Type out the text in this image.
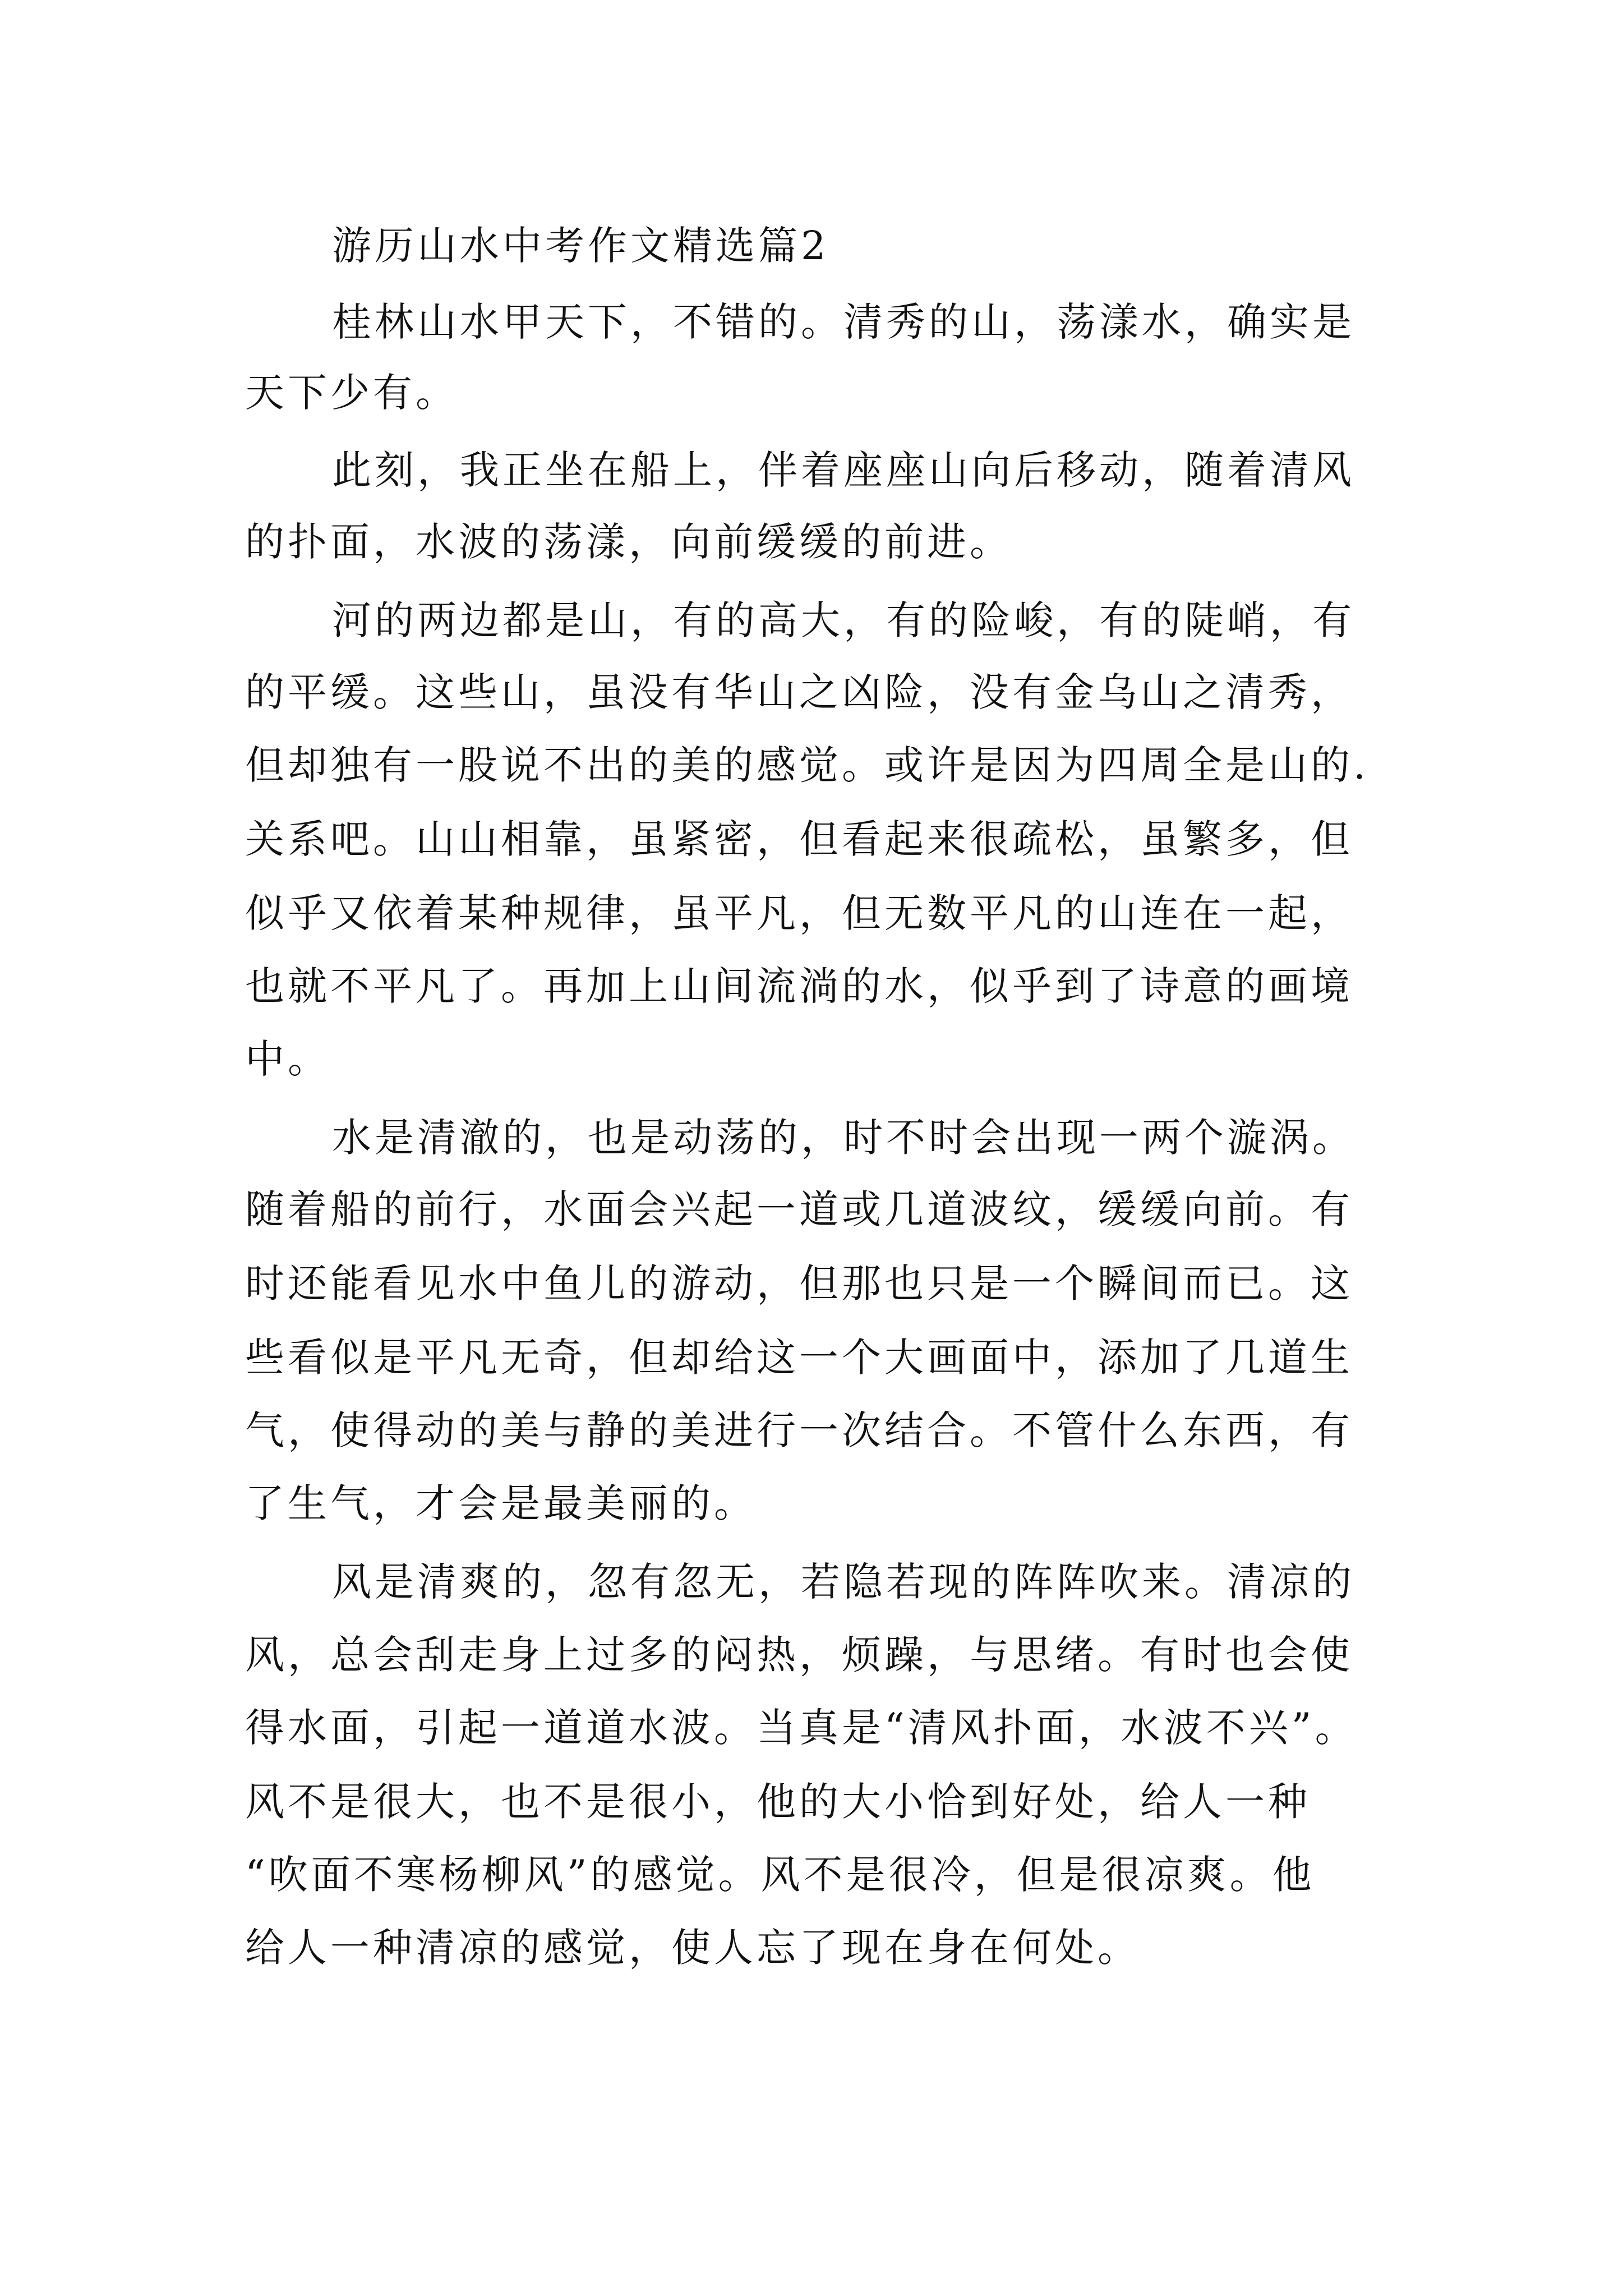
游历山水中考作文精选篇2

桂林山水甲天下，不错的。清秀的山，荡漾水，确实是

天下少有。

此刻，我正坐在船上，伴着座座山向后移动，随着清风

的扑面，水波的荡漾，向前缓缓的前进。

河的两边都是山，有的高大，有的险峻，有的陡峭，有

的平缓。这些山，虽没有华山之凶险，没有金乌山之清秀，

但却独有一股说不出的美的感觉。或许是因为四周全是山的.

关系吧。山山相靠，虽紧密，但看起来很疏松，虽繁多，但

似乎又依着某种规律，虽平凡，但无数平凡的山连在一起，

也就不平凡了。再加上山间流淌的水，似乎到了诗意的画境

中。

水是清澈的，也是动荡的，时不时会出现一两个漩涡。

随着船的前行，水面会兴起一道或几道波纹，缓缓向前。有

时还能看见水中鱼儿的游动，但那也只是一个瞬间而已。这

些看似是平凡无奇，但却给这一个大画面中，添加了几道生

气，使得动的美与静的美进行一次结合。不管什么东西，有

了生气，才会是最美丽的。

风是清爽的，忽有忽无，若隐若现的阵阵吹来。清凉的

风，总会刮走身上过多的闷热，烦躁，与思绪。有时也会使

得水面，引起一道道水波。当真是“清风扑面，水波不兴”。

风不是很大，也不是很小，他的大小恰到好处，给人一种

“吹面不寒杨柳风”的感觉。风不是很冷，但是很凉爽。他

给人一种清凉的感觉，使人忘了现在身在何处。
